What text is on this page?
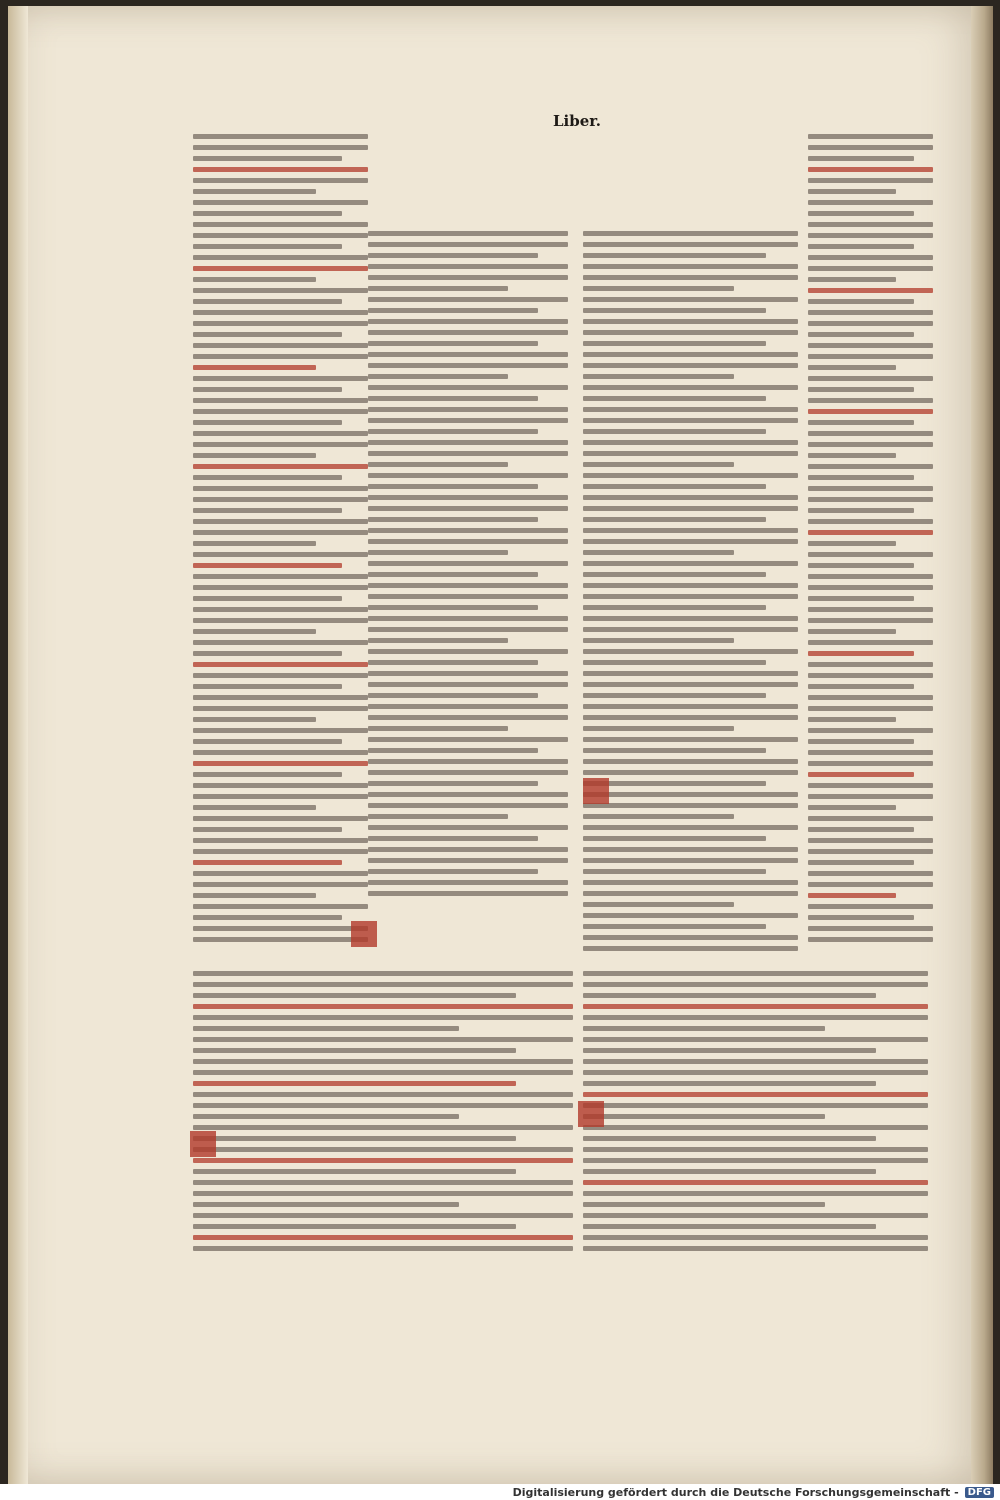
Liber.
Digitalisierung gefördert durch die Deutsche Forschungsgemeinschaft - DFG
